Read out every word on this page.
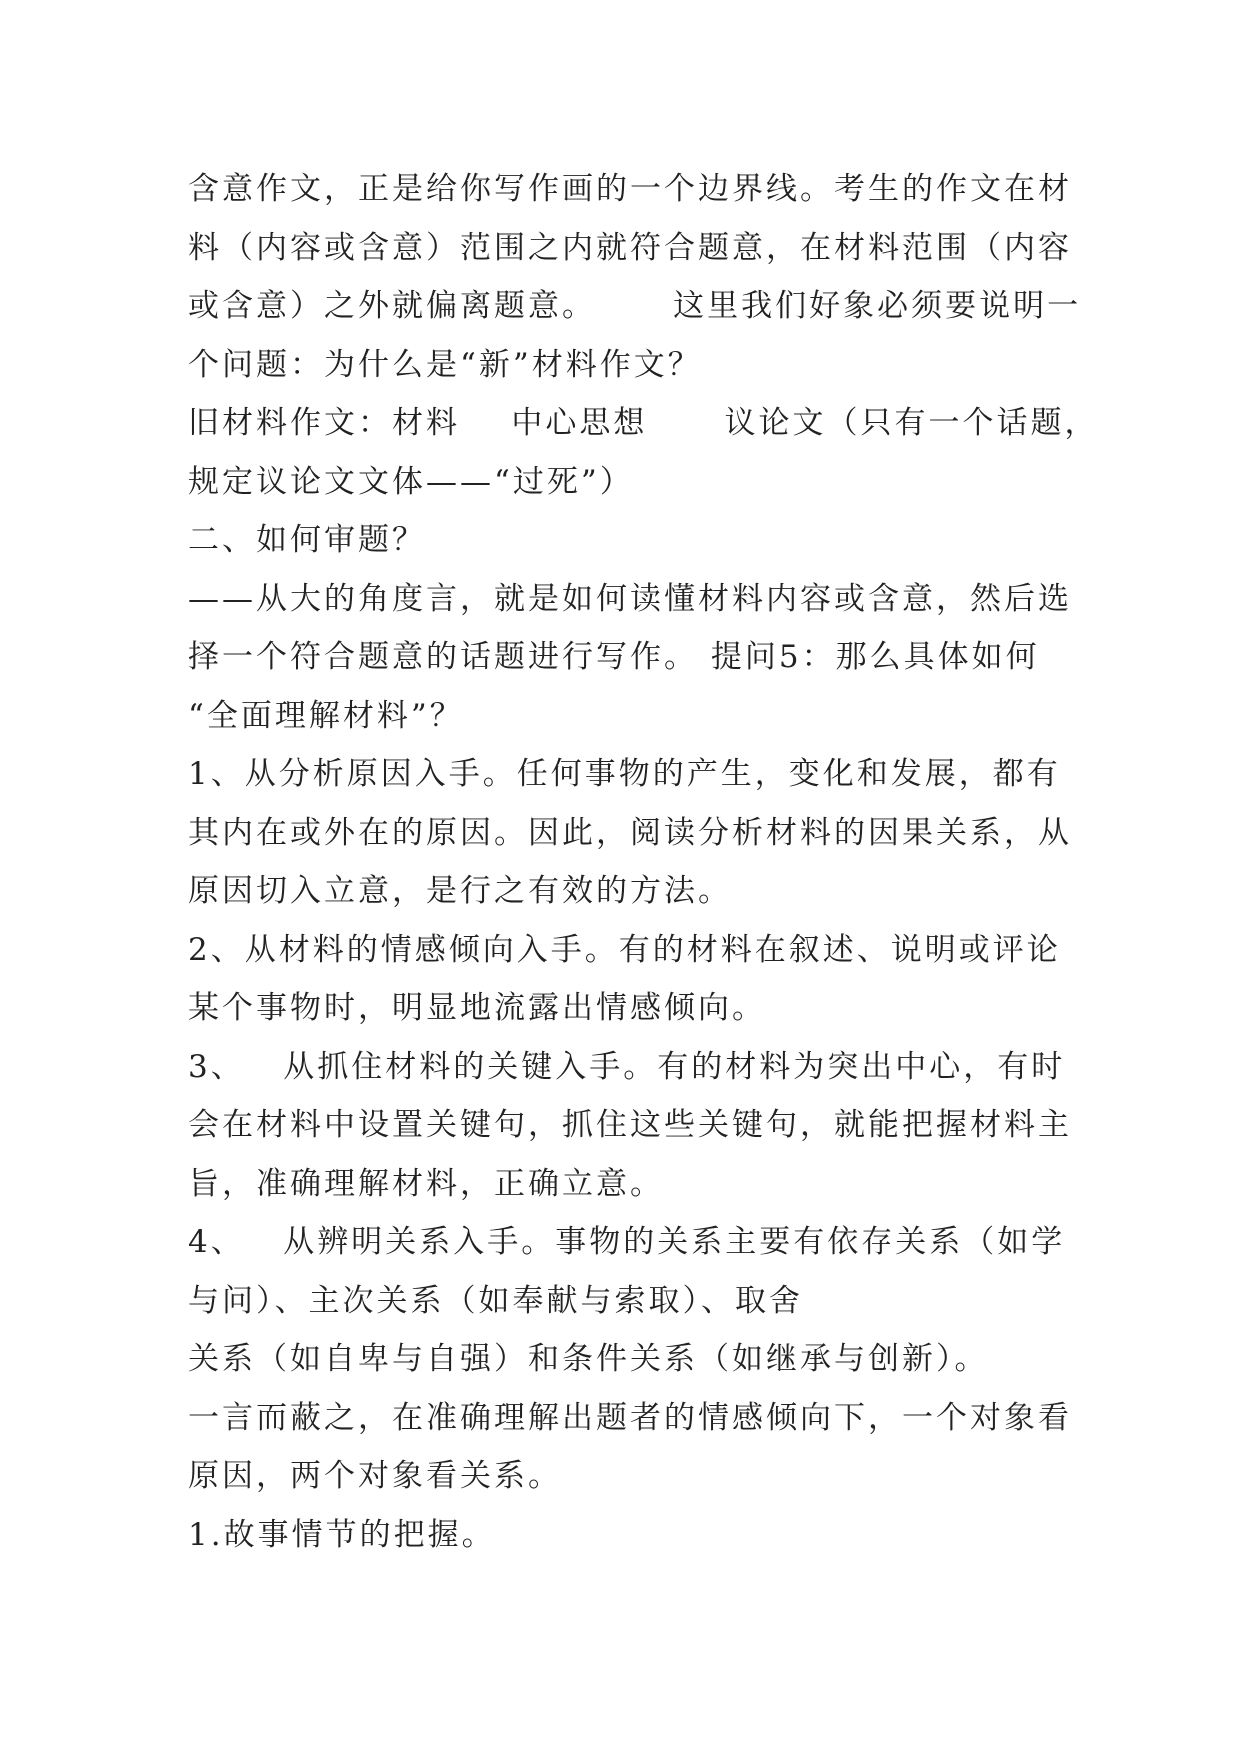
含意作文，正是给你写作画的一个边界线。考生的作文在材
料（内容或含意）范围之内就符合题意，在材料范围（内容
或含意）之外就偏离题意。      这里我们好象必须要说明一
个问题：为什么是“新”材料作文？
旧材料作文：材料    中心思想      议论文（只有一个话题，
规定议论文文体——“过死”）
二、如何审题？
——从大的角度言，就是如何读懂材料内容或含意，然后选
择一个符合题意的话题进行写作。 提问5：那么具体如何
“全面理解材料”？
1、从分析原因入手。任何事物的产生，变化和发展，都有
其内在或外在的原因。因此，阅读分析材料的因果关系，从
原因切入立意，是行之有效的方法。
2、从材料的情感倾向入手。有的材料在叙述、说明或评论
某个事物时，明显地流露出情感倾向。
3、   从抓住材料的关键入手。有的材料为突出中心，有时
会在材料中设置关键句，抓住这些关键句，就能把握材料主
旨，准确理解材料，正确立意。
4、   从辨明关系入手。事物的关系主要有依存关系（如学
与问）、主次关系（如奉献与索取）、取舍
关系（如自卑与自强）和条件关系（如继承与创新）。
一言而蔽之，在准确理解出题者的情感倾向下，一个对象看
原因，两个对象看关系。
1.故事情节的把握。
